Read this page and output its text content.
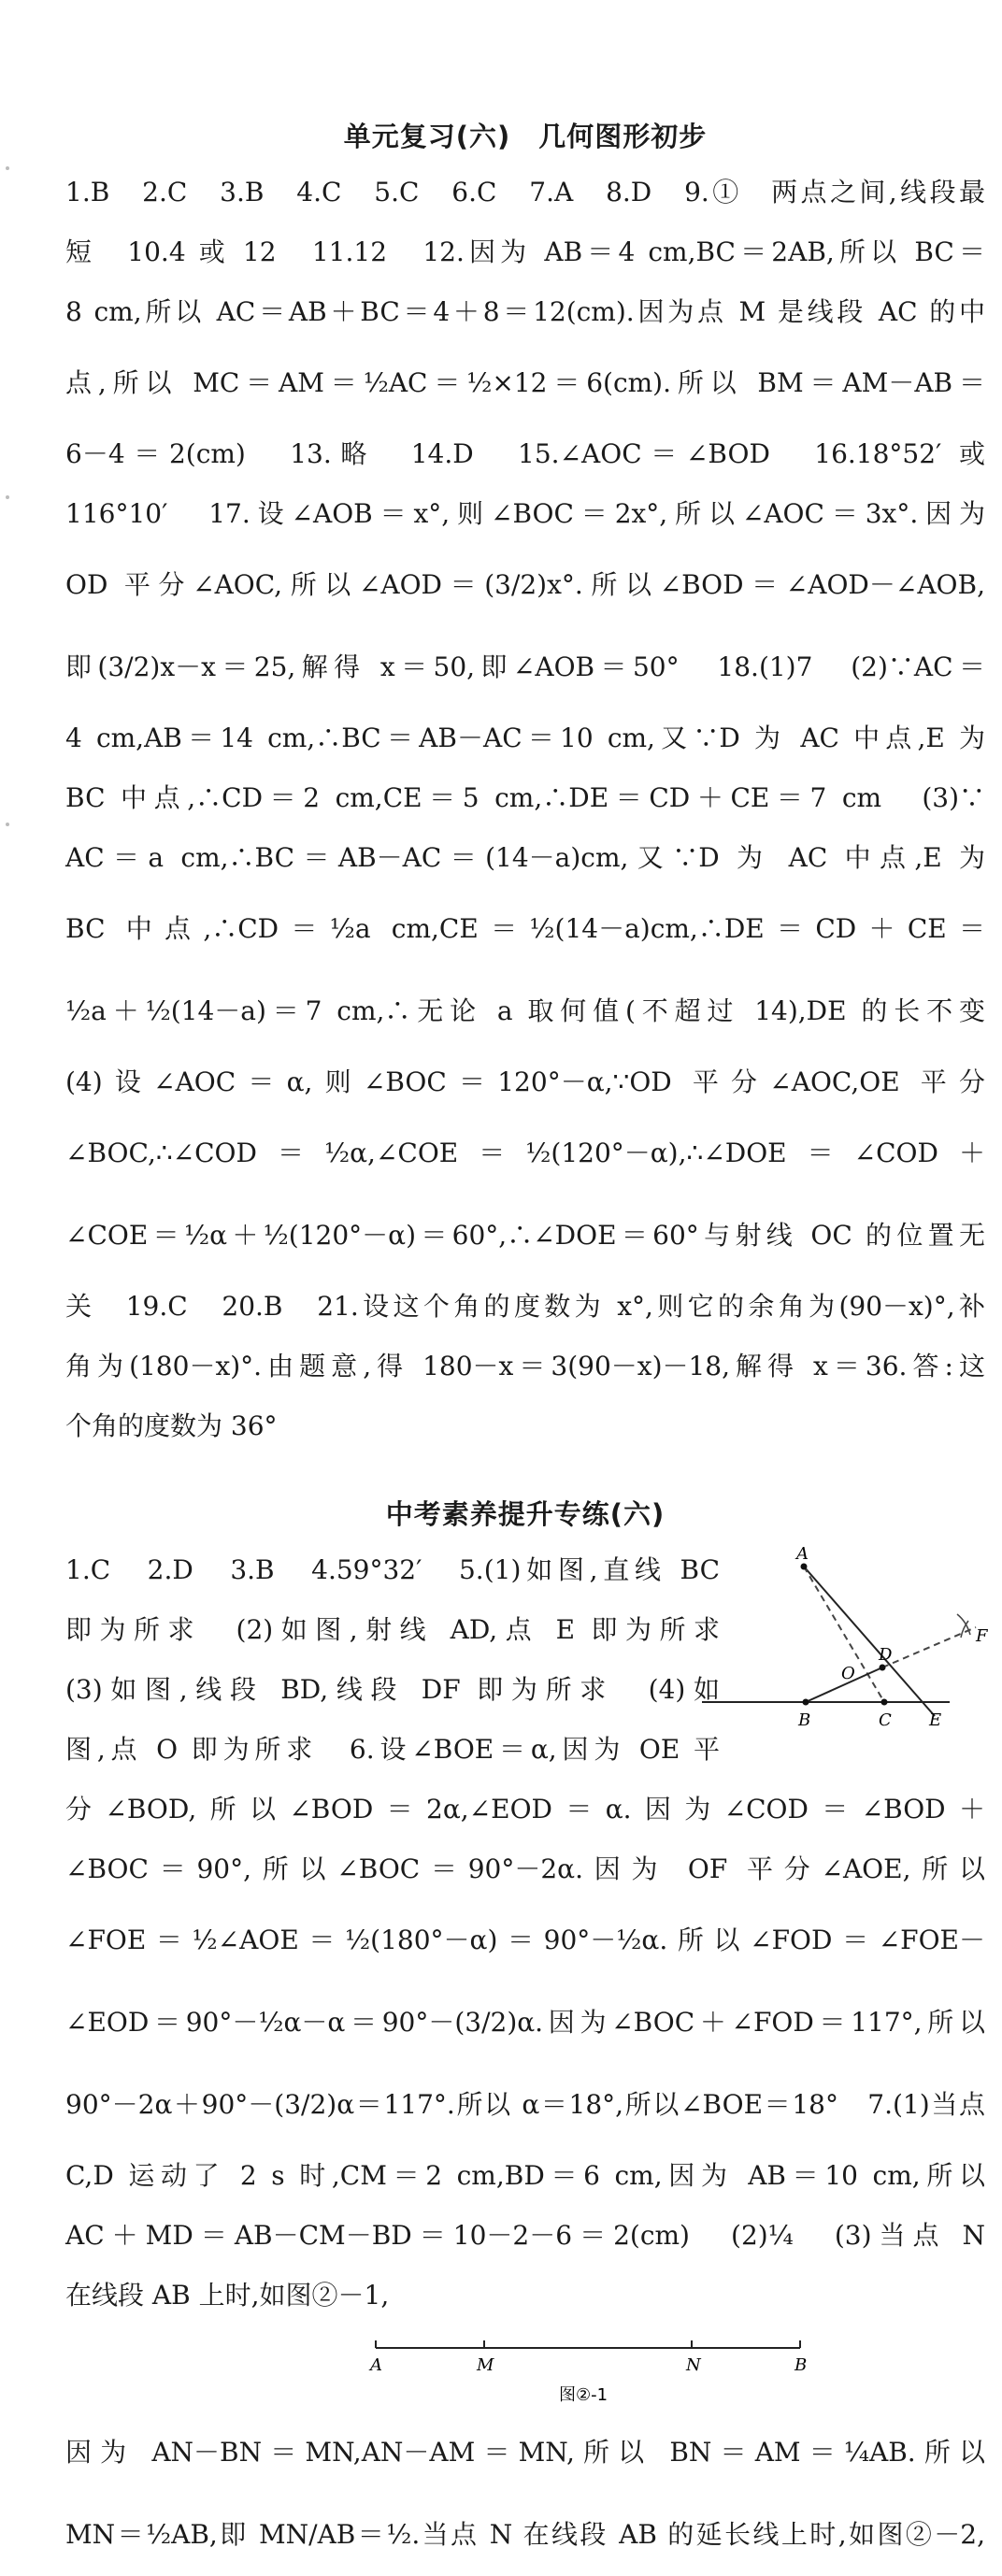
单元复习(六)　几何图形初步
1.B　2.C　3.B　4.C　5.C　6.C　7.A　8.D　9.①　两点之间,线段最
短　10.4 或 12　11.12　12.因为 AB＝4 cm,BC＝2AB,所以 BC＝
8 cm,所以 AC＝AB＋BC＝4＋8＝12(cm).因为点 M 是线段 AC 的中
点,所以 MC＝AM＝½AC＝½×12＝6(cm).所以 BM＝AM－AB＝
6－4＝2(cm)　13.略　14.D　15.∠AOC＝∠BOD　16.18°52′ 或
116°10′　17.设∠AOB＝x°,则∠BOC＝2x°,所以∠AOC＝3x°.因为
OD 平分∠AOC,所以∠AOD＝(3/2)x°.所以∠BOD＝∠AOD－∠AOB,
即(3/2)x－x＝25,解得 x＝50,即∠AOB＝50°　18.(1)7　(2)∵AC＝
4 cm,AB＝14 cm,∴BC＝AB－AC＝10 cm,又∵D 为 AC 中点,E 为
BC 中点,∴CD＝2 cm,CE＝5 cm,∴DE＝CD＋CE＝7 cm　(3)∵
AC＝a cm,∴BC＝AB－AC＝(14－a)cm,又∵D 为 AC 中点,E 为
BC 中点,∴CD＝½a cm,CE＝½(14－a)cm,∴DE＝CD＋CE＝
½a＋½(14－a)＝7 cm,∴无论 a 取何值(不超过 14),DE 的长不变
(4)设∠AOC＝α,则∠BOC＝120°－α,∵OD 平分∠AOC,OE 平分
∠BOC,∴∠COD＝½α,∠COE＝½(120°－α),∴∠DOE＝∠COD＋
∠COE＝½α＋½(120°－α)＝60°,∴∠DOE＝60°与射线 OC 的位置无
关　19.C　20.B　21.设这个角的度数为 x°,则它的余角为(90－x)°,补
角为(180－x)°.由题意,得 180－x＝3(90－x)－18,解得 x＝36.答:这
个角的度数为 36°
中考素养提升专练(六)
1.C　2.D　3.B　4.59°32′　5.(1)如图,直线 BC
即为所求　(2)如图,射线 AD,点 E 即为所求
(3)如图,线段 BD,线段 DF 即为所求　(4)如
图,点 O 即为所求　6.设∠BOE＝α,因为 OE 平
A
B	C
D
E
F
O
分∠BOD,所以∠BOD＝2α,∠EOD＝α.因为∠COD＝∠BOD＋
∠BOC＝90°,所以∠BOC＝90°－2α.因为 OF 平分∠AOE,所以
∠FOE＝½∠AOE＝½(180°－α)＝90°－½α.所以∠FOD＝∠FOE－
∠EOD＝90°－½α－α＝90°－(3/2)α.因为∠BOC＋∠FOD＝117°,所以
90°－2α＋90°－(3/2)α＝117°.所以 α＝18°,所以∠BOE＝18°　7.(1)当点
C,D 运动了 2 s 时,CM＝2 cm,BD＝6 cm,因为 AB＝10 cm,所以
AC＋MD＝AB－CM－BD＝10－2－6＝2(cm)　(2)¼　(3)当点 N
在线段 AB 上时,如图②－1,
A	M	N	B
图②-1
因为 AN－BN＝MN,AN－AM＝MN,所以 BN＝AM＝¼AB.所以
MN＝½AB,即 MN/AB＝½.当点 N 在线段 AB 的延长线上时,如图②－2,
